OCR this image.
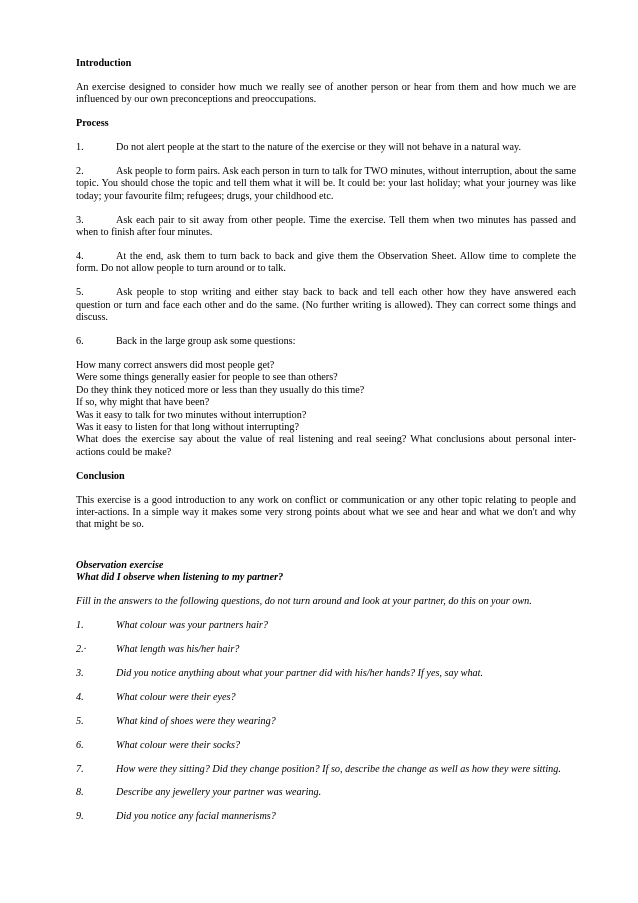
Introduction

An exercise designed to consider how much we really see of another person or hear from them and how much we are influenced by our own preconceptions and preoccupations.

Process

1.	Do not alert people at the start to the nature of the exercise or they will not behave in a natural way.

2.	Ask people to form pairs. Ask each person in turn to talk for TWO minutes, without interruption, about the same topic. You should chose the topic and tell them what it will be. It could be: your last holiday; what your journey was like today; your favourite film; refugees; drugs, your childhood etc.

3.	Ask each pair to sit away from other people. Time the exercise. Tell them when two minutes has passed and when to finish after four minutes.

4.	At the end, ask them to turn back to back and give them the Observation Sheet. Allow time to complete the form. Do not allow people to turn around or to talk.

5.	Ask people to stop writing and either stay back to back and tell each other how they have answered each question or turn and face each other and do the same. (No further writing is allowed). They can correct some things and discuss.

6.	Back in the large group ask some questions:

How many correct answers did most people get?
Were some things generally easier for people to see than others?
Do they think they noticed more or less than they usually do this time?
If so, why might that have been?
Was it easy to talk for two minutes without interruption?
Was it easy to listen for that long without interrupting?
What does the exercise say about the value of real listening and real seeing? What conclusions about personal inter-actions could be make?

Conclusion

This exercise is a good introduction to any work on conflict or communication or any other topic relating to people and inter-actions. In a simple way it makes some very strong points about what we see and hear and what we don't and why that might be so.

Observation exercise

What did I observe when listening to my partner?

Fill in the answers to the following questions, do not turn around and look at your partner, do this on your own.

1.	What colour was your partners hair?

2.·	What length was his/her hair?

3.	Did you notice anything about what your partner did with his/her hands? If yes, say what.

4.	What colour were their eyes?

5.	What kind of shoes were they wearing?

6.	What colour were their socks?

7.	How were they sitting? Did they change position? If so, describe the change as well as how they were sitting.

8.	Describe any jewellery your partner was wearing.

9.	Did you notice any facial mannerisms?
